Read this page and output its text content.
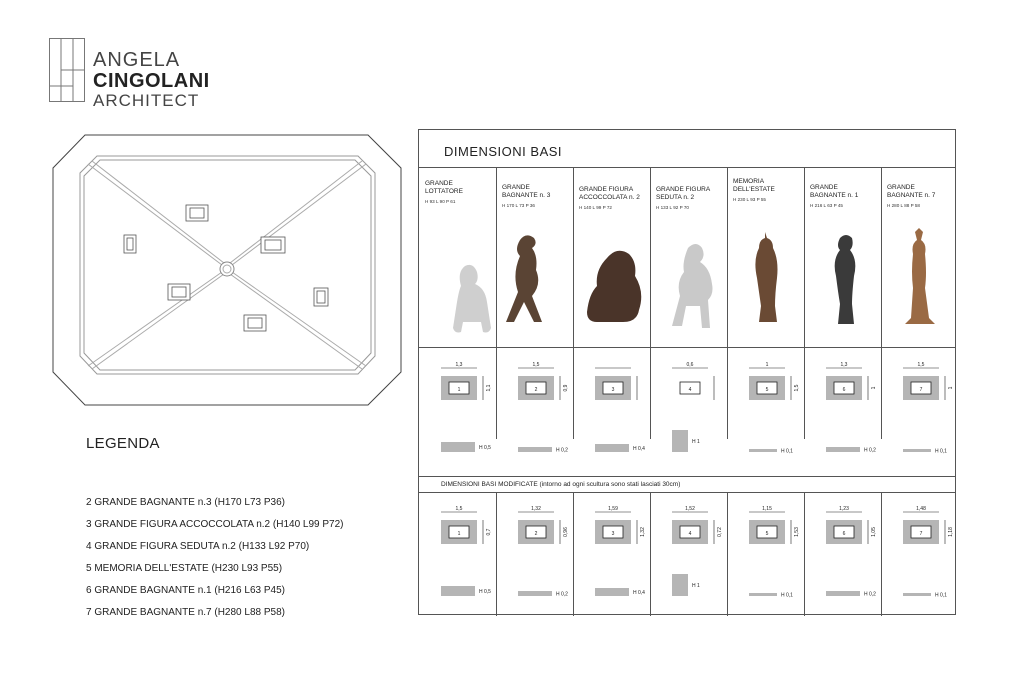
ANGELA
CINGOLANI
ARCHITECT
LEGENDA
2 GRANDE BAGNANTE n.3 (H170 L73 P36)
3 GRANDE FIGURA ACCOCCOLATA n.2 (H140 L99 P72)
4 GRANDE FIGURA SEDUTA n.2 (H133 L92 P70)
5 MEMORIA DELL'ESTATE (H230 L93 P55)
6 GRANDE BAGNANTE n.1 (H216 L63 P45)
7 GRANDE BAGNANTE n.7 (H280 L88 P58)
DIMENSIONI BASI
DIMENSIONI BASI MODIFICATE (intorno ad ogni scultura sono stati lasciati 30cm)
GRANDE
LOTTATORE
H 93 L 90 P 61
1
1,3
1,1
H 0,5
1
1,5
0,7
H 0,5
GRANDE
BAGNANTE n. 3
H 170 L 73 P 36
2
1,5
0,9
H 0,2
2
1,32
0,96
H 0,2
GRANDE FIGURA
ACCOCCOLATA n. 2
H 140 L 99 P 72
3
H 0,4
3
1,59
1,32
H 0,4
GRANDE FIGURA
SEDUTA n. 2
H 133 L 92 P 70
4
0,6
H 1
4
1,52
0,72
H 1
MEMORIA
DELL'ESTATE
H 230 L 93 P 55
5
1
1,5
H 0,1
5
1,15
1,53
H 0,1
GRANDE
BAGNANTE n. 1
H 216 L 63 P 45
6
1,3
1
H 0,2
6
1,23
1,05
H 0,2
GRANDE
BAGNANTE n. 7
H 280 L 88 P 58
7
1,5
1
H 0,1
7
1,48
1,18
H 0,1
